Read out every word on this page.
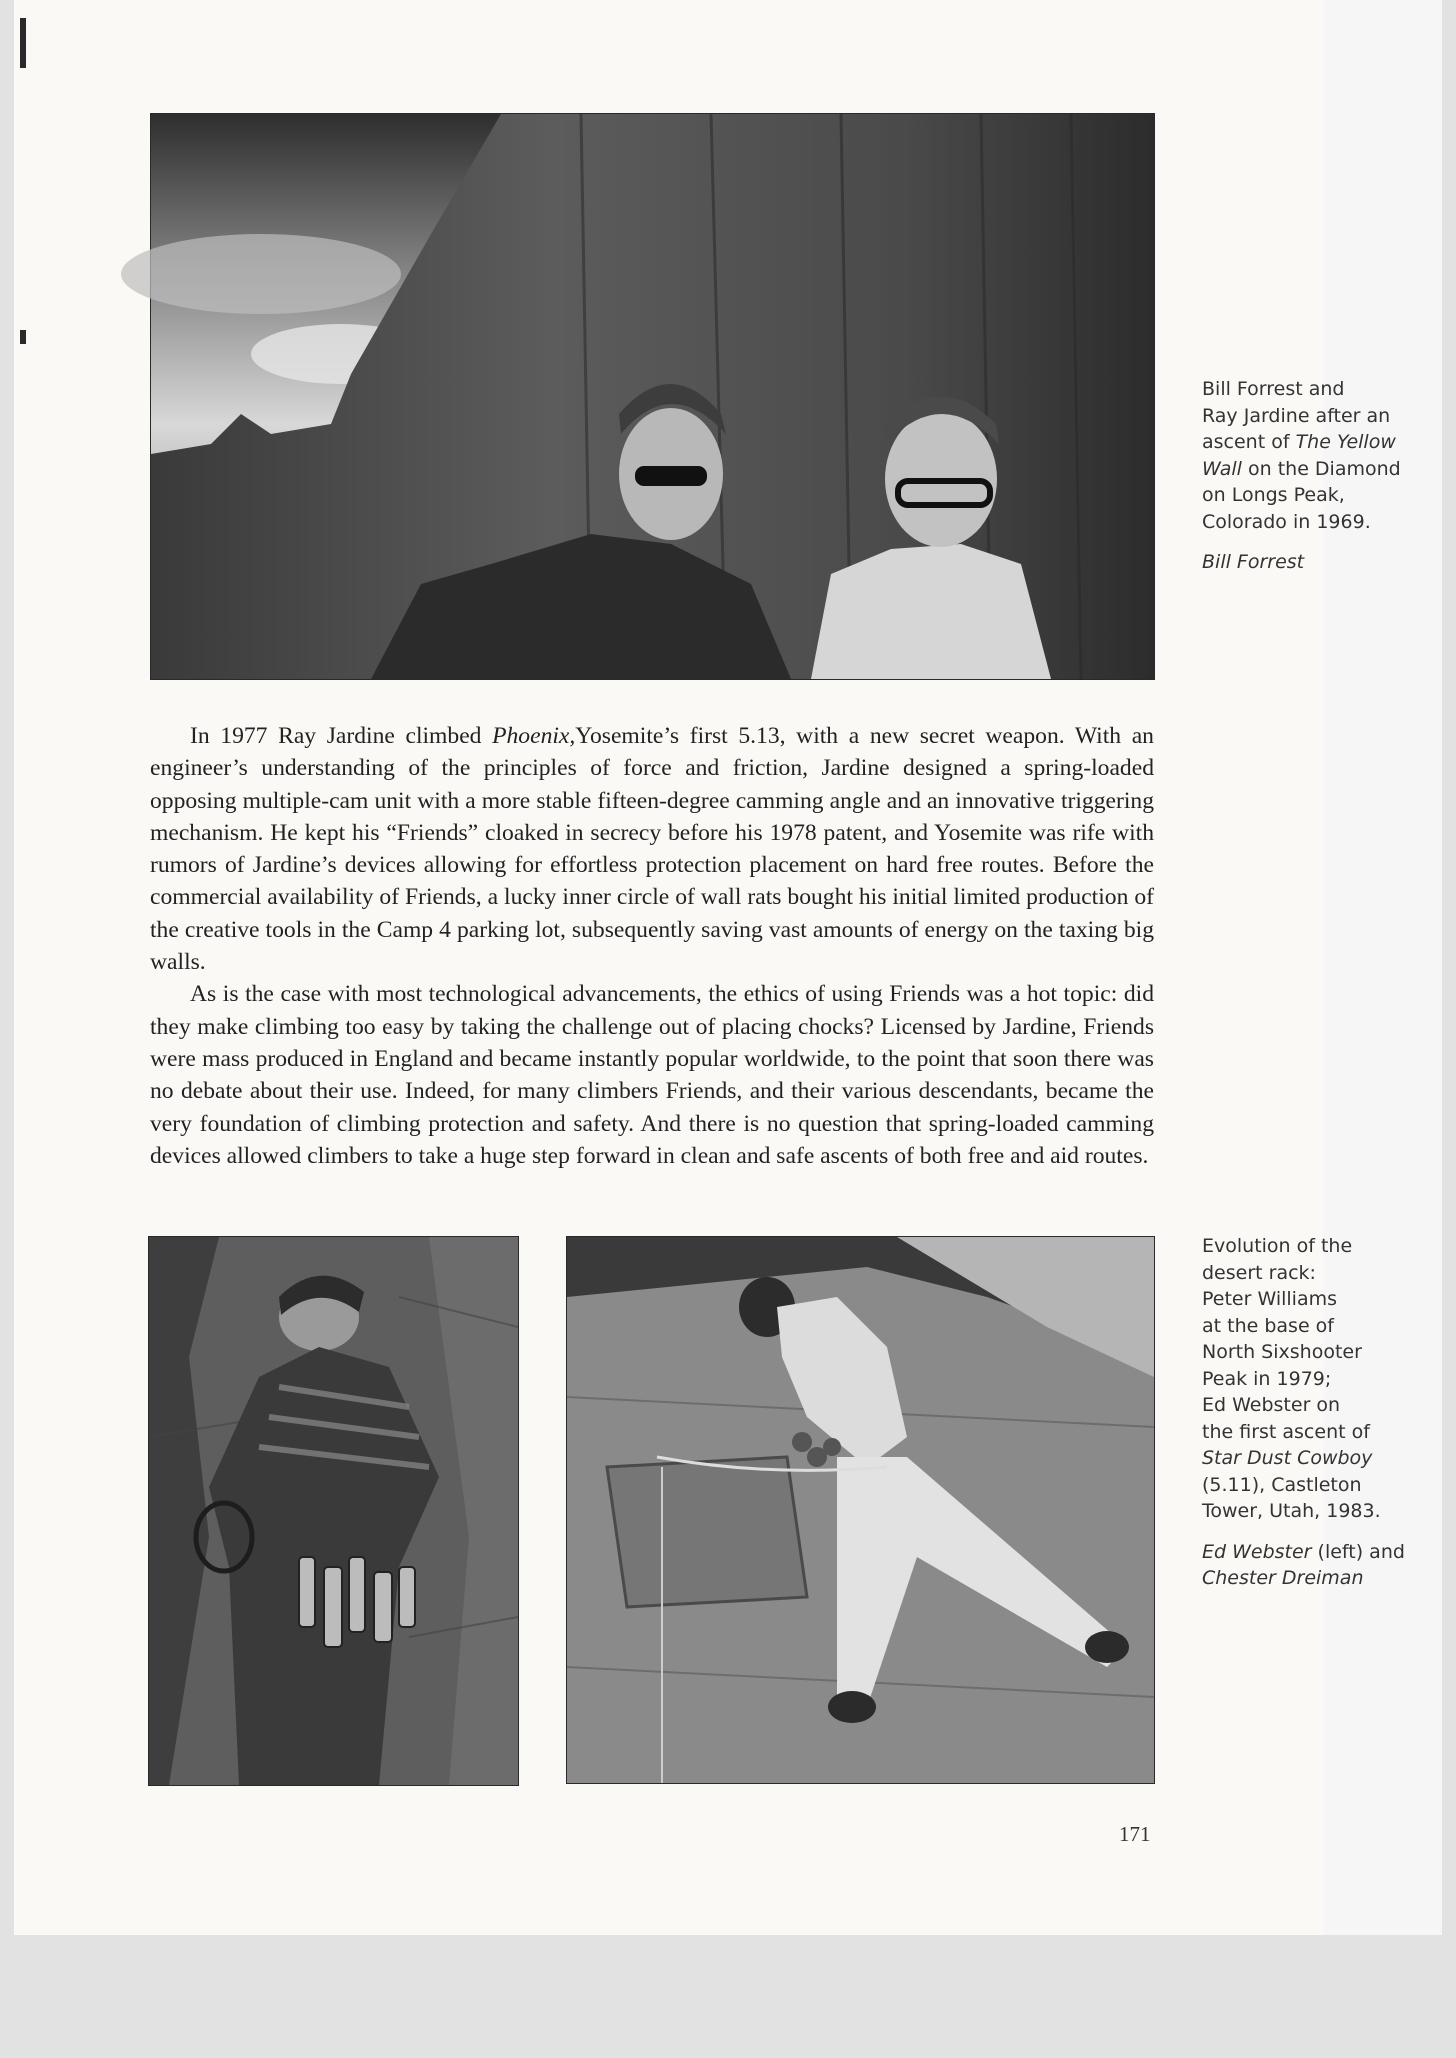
Bill Forrest and
Ray Jardine after an
ascent of The Yellow
Wall on the Diamond
on Longs Peak,
Colorado in 1969.

Bill Forrest

In 1977 Ray Jardine climbed Phoenix,Yosemite’s first 5.13, with a new secret weapon. With an engineer’s understanding of the principles of force and friction, Jardine designed a spring-loaded opposing multiple-cam unit with a more stable fifteen-degree camming angle and an innovative triggering mechanism. He kept his “Friends” cloaked in secrecy before his 1978 patent, and Yosemite was rife with rumors of Jardine’s devices allowing for effortless protection placement on hard free routes. Before the commercial availability of Friends, a lucky inner circle of wall rats bought his initial limited production of the creative tools in the Camp 4 parking lot, subsequently saving vast amounts of energy on the taxing big walls.

As is the case with most technological advancements, the ethics of using Friends was a hot topic: did they make climbing too easy by taking the challenge out of placing chocks? Licensed by Jardine, Friends were mass produced in England and became instantly popular worldwide, to the point that soon there was no debate about their use. Indeed, for many climbers Friends, and their various descendants, became the very foundation of climbing protection and safety. And there is no question that spring-loaded camming devices allowed climbers to take a huge step forward in clean and safe ascents of both free and aid routes.

Evolution of the
desert rack:
Peter Williams
at the base of
North Sixshooter
Peak in 1979;
Ed Webster on
the first ascent of
Star Dust Cowboy
(5.11), Castleton
Tower, Utah, 1983.

Ed Webster (left) and
Chester Dreiman

171
